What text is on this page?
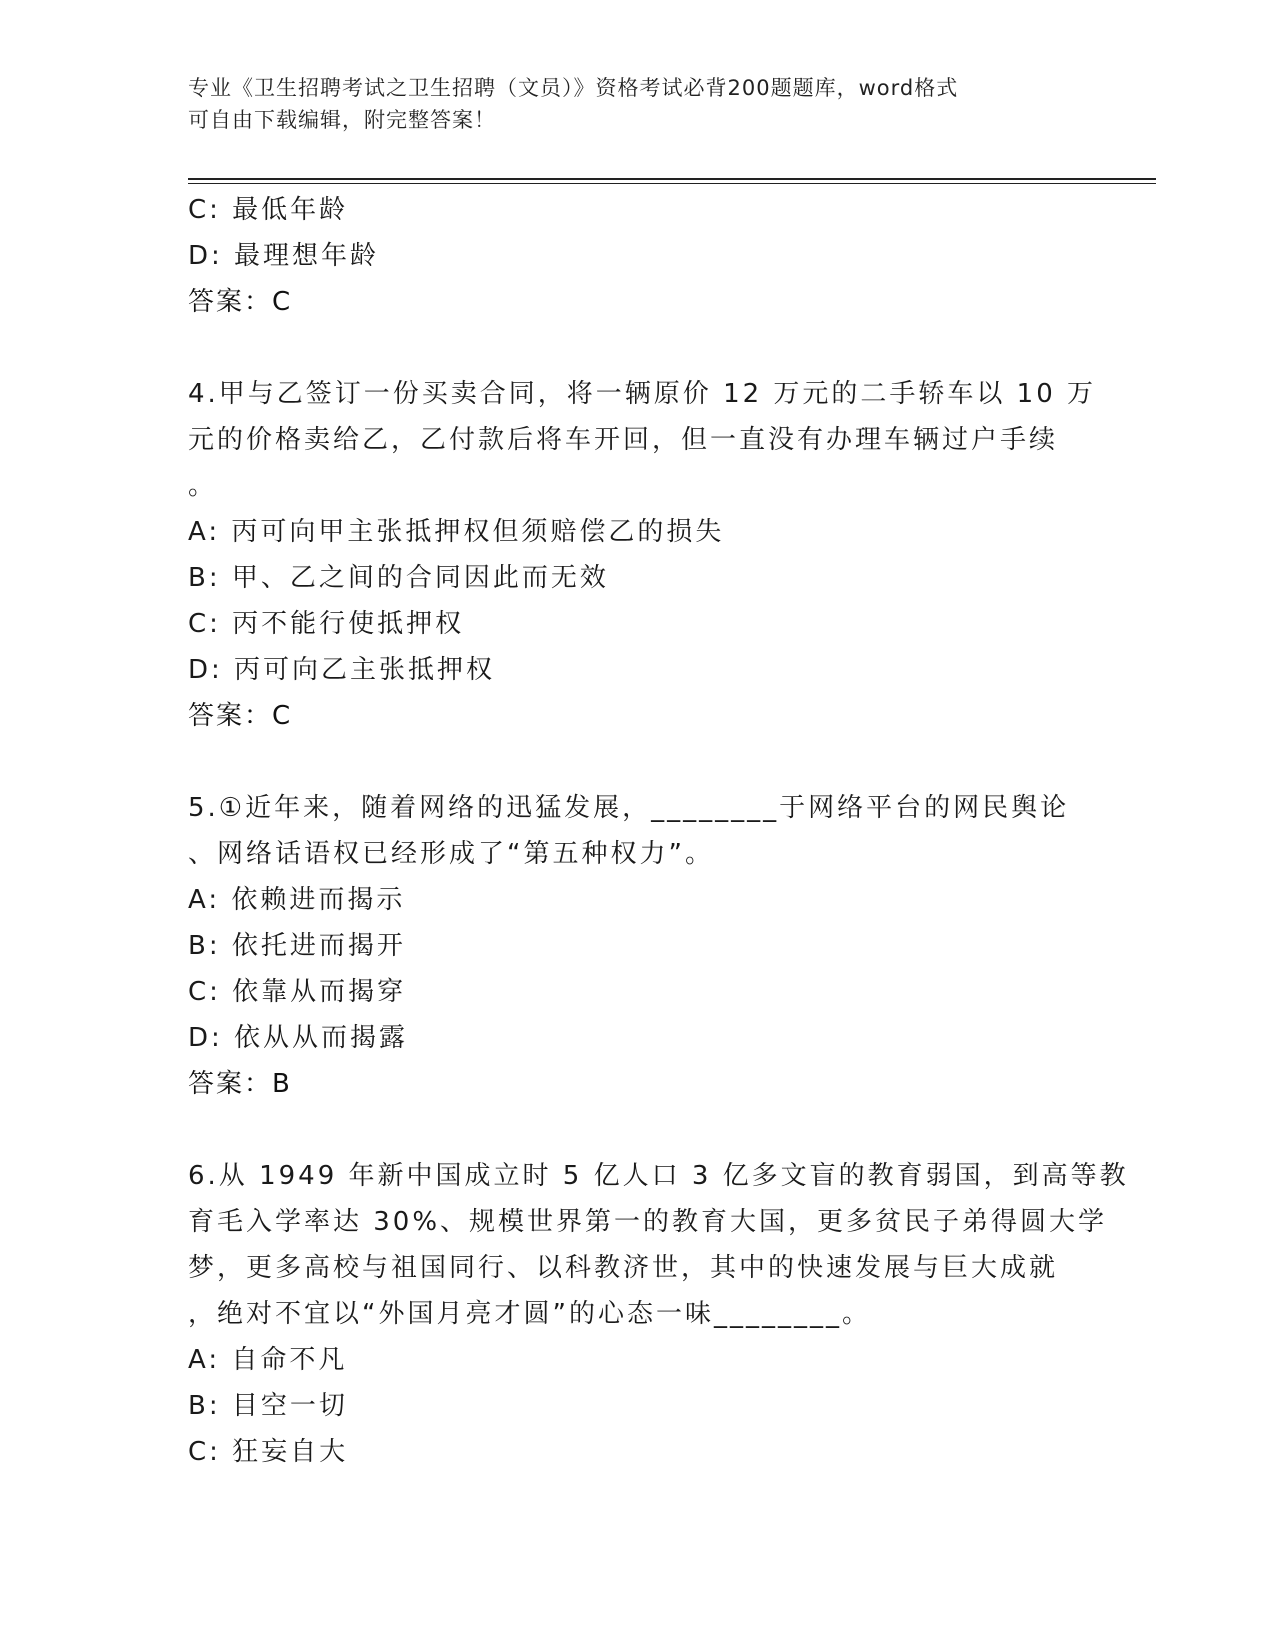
专业《卫生招聘考试之卫生招聘（文员）》资格考试必背200题题库，word格式
可自由下载编辑，附完整答案！
C: 最低年龄
D: 最理想年龄
答案：C
4.甲与乙签订一份买卖合同，将一辆原价 12 万元的二手轿车以 10 万
元的价格卖给乙，乙付款后将车开回，但一直没有办理车辆过户手续
。
A: 丙可向甲主张抵押权但须赔偿乙的损失
B: 甲、乙之间的合同因此而无效
C: 丙不能行使抵押权
D: 丙可向乙主张抵押权
答案：C
5.①近年来，随着网络的迅猛发展，________于网络平台的网民舆论
、网络话语权已经形成了“第五种权力”。
A: 依赖进而揭示
B: 依托进而揭开
C: 依靠从而揭穿
D: 依从从而揭露
答案：B
6.从 1949 年新中国成立时 5 亿人口 3 亿多文盲的教育弱国，到高等教
育毛入学率达 30%、规模世界第一的教育大国，更多贫民子弟得圆大学
梦，更多高校与祖国同行、以科教济世，其中的快速发展与巨大成就
，绝对不宜以“外国月亮才圆”的心态一味________。
A: 自命不凡
B: 目空一切
C: 狂妄自大
